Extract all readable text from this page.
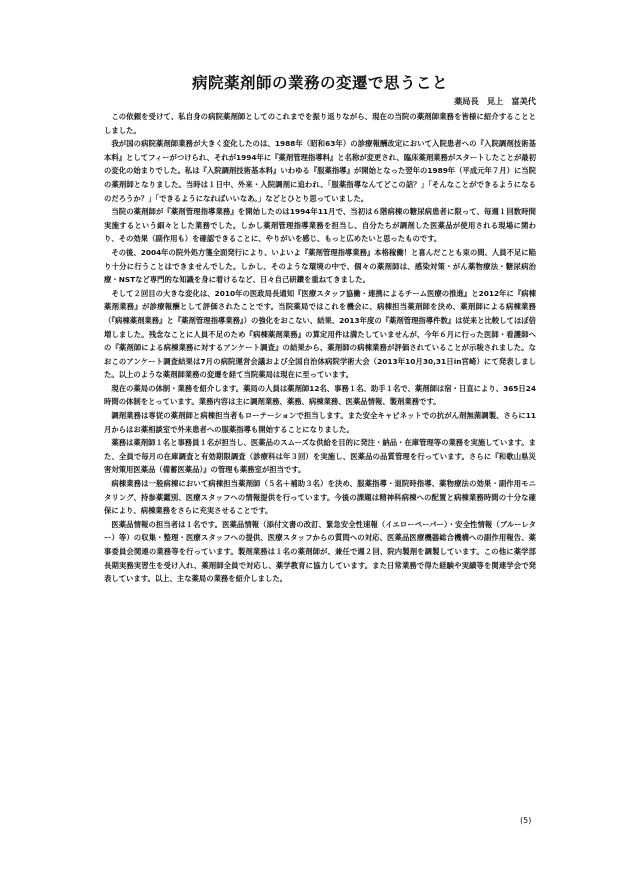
病院薬剤師の業務の変遷で思うこと
薬局長　見上　富美代

この依頼を受けて、私自身の病院薬剤師としてのこれまでを振り返りながら、現在の当院の薬剤師業務を皆様に紹介することとしました。

我が国の病院薬剤師業務が大きく変化したのは、1988年（昭和63年）の診療報酬改定において入院患者への『入院調剤技術基本料』としてフィーがつけられ、それが1994年に『薬剤管理指導料』と名称が変更され、臨床薬剤業務がスタートしたことが最初の変化の始まりでした。私は『入院調剤技術基本料』いわゆる『服薬指導』が開始となった翌年の1989年（平成元年７月）に当院の薬剤師となりました。当時は１日中、外来・入院調剤に追われ、「服薬指導なんてどこの話？」「そんなことができるようになるのだろうか？」「できるようになればいいなあ。」などとひとり思っていました。

当院の薬剤師が『薬剤管理指導業務』を開始したのは1994年11月で、当初は６階病棟の糖尿病患者に限って、毎週１回数時間実施するという細々とした業務でした。しかし薬剤管理指導業務を担当し、自分たちが調剤した医薬品が使用される現場に関わり、その効果（副作用も）を確認できることに、やりがいを感じ、もっと広めたいと思ったものです。

その後、2004年の院外処方箋全面発行により、いよいよ『薬剤管理指導業務』本格稼働！と喜んだことも束の間、人員不足に陥り十分に行うことはできませんでした。しかし、そのような環境の中で、個々の薬剤師は、感染対策・がん薬物療法・糖尿病治療・NSTなど専門的な知識を身に着けるなど、日々自己研鑽を重ねてきました。

そして２回目の大きな変化は、2010年の医政局長通知『医療スタッフ協働・連携によるチーム医療の推進』と2012年に『病棟薬剤業務』が診療報酬として評価されたことです。当院薬局ではこれを機会に、病棟担当薬剤師を決め、薬剤師による病棟業務（『病棟薬剤業務』と『薬剤管理指導業務』）の強化をおこない、結果、2013年度の『薬剤管理指導件数』は従来と比較してほぼ倍増しました。残念なことに人員不足のため『病棟薬剤業務』の算定用件は満たしていませんが、今年６月に行った医師・看護師への『薬剤師による病棟業務に対するアンケート調査』の結果から、薬剤師の病棟業務が評価されていることが示唆されました。なおこのアンケート調査結果は7月の病院運営会議および全国自治体病院学術大会（2013年10月30,31日in宮崎）にて発表しました。以上のような薬剤師業務の変遷を経て当院薬局は現在に至っています。

現在の薬局の体制・業務を紹介します。薬局の人員は薬剤師12名、事務１名、助手１名で、薬剤師は宿・日直により、365日24時間の体制をとっています。業務内容は主に調剤業務、薬務、病棟業務、医薬品情報、製剤業務です。

調剤業務は専従の薬剤師と病棟担当者もローテーションで担当します。また安全キャビネットでの抗がん剤無菌調製、さらに11月からはお薬相談室で外来患者への服薬指導も開始することになりました。

薬務は薬剤師１名と事務員１名が担当し、医薬品のスムーズな供給を目的に発注・納品・在庫管理等の業務を実施しています。また、全員で毎月の在庫調査と有効期限調査（診療科は年３回）を実施し、医薬品の品質管理を行っています。さらに『和歌山県災害対策用医薬品（備蓄医薬品）』の管理も薬務室が担当です。

病棟業務は一般病棟において病棟担当薬剤師（５名＋補助３名）を決め、服薬指導・退院時指導、薬物療法の効果・副作用モニタリング、持参薬鑑別、医療スタッフへの情報提供を行っています。今後の課題は精神科病棟への配置と病棟業務時間の十分な確保により、病棟業務をさらに充実させることです。

医薬品情報の担当者は１名です。医薬品情報（添付文書の改訂、緊急安全性速報（イエローペーパー）・安全性情報（ブルーレター）等）の収集・整理・医療スタッフへの提供、医療スタッフからの質問への対応、医薬品医療機器総合機構への副作用報告、薬事委員会関連の業務等を行っています。製剤業務は１名の薬剤師が、兼任で週２回、院内製剤を調製しています。この他に薬学部長期実務実習生を受け入れ、薬剤師全員で対応し、薬学教育に協力しています。また日常業務で得た経験や実績等を関連学会で発表しています。以上、主な薬局の業務を紹介しました。

(5)
